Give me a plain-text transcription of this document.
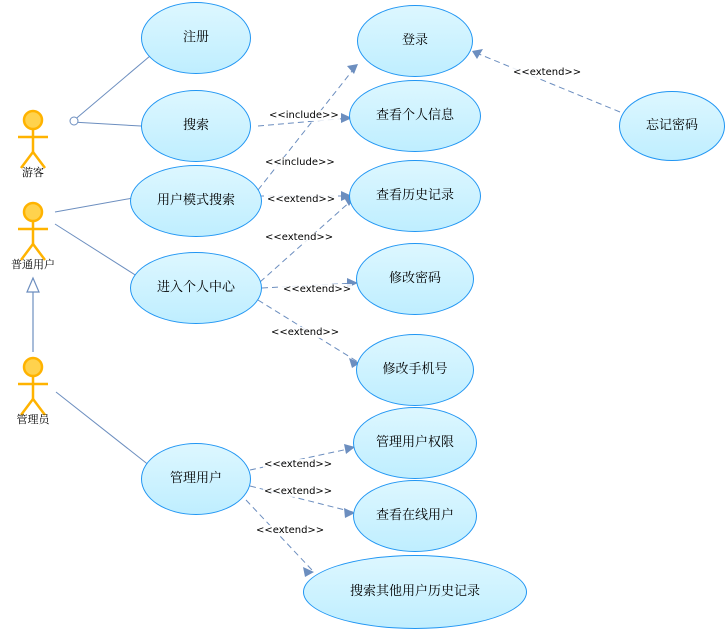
注册
搜索
用户模式搜索
进入个人中心
管理用户
登录
查看个人信息
查看历史记录
修改密码
修改手机号
管理用户权限
查看在线用户
搜索其他用户历史记录
忘记密码
游客
普通用户
管理员
<<include>>
<<include>>
<<extend>>
<<extend>>
<<extend>>
<<extend>>
<<extend>>
<<extend>>
<<extend>>
<<extend>>
